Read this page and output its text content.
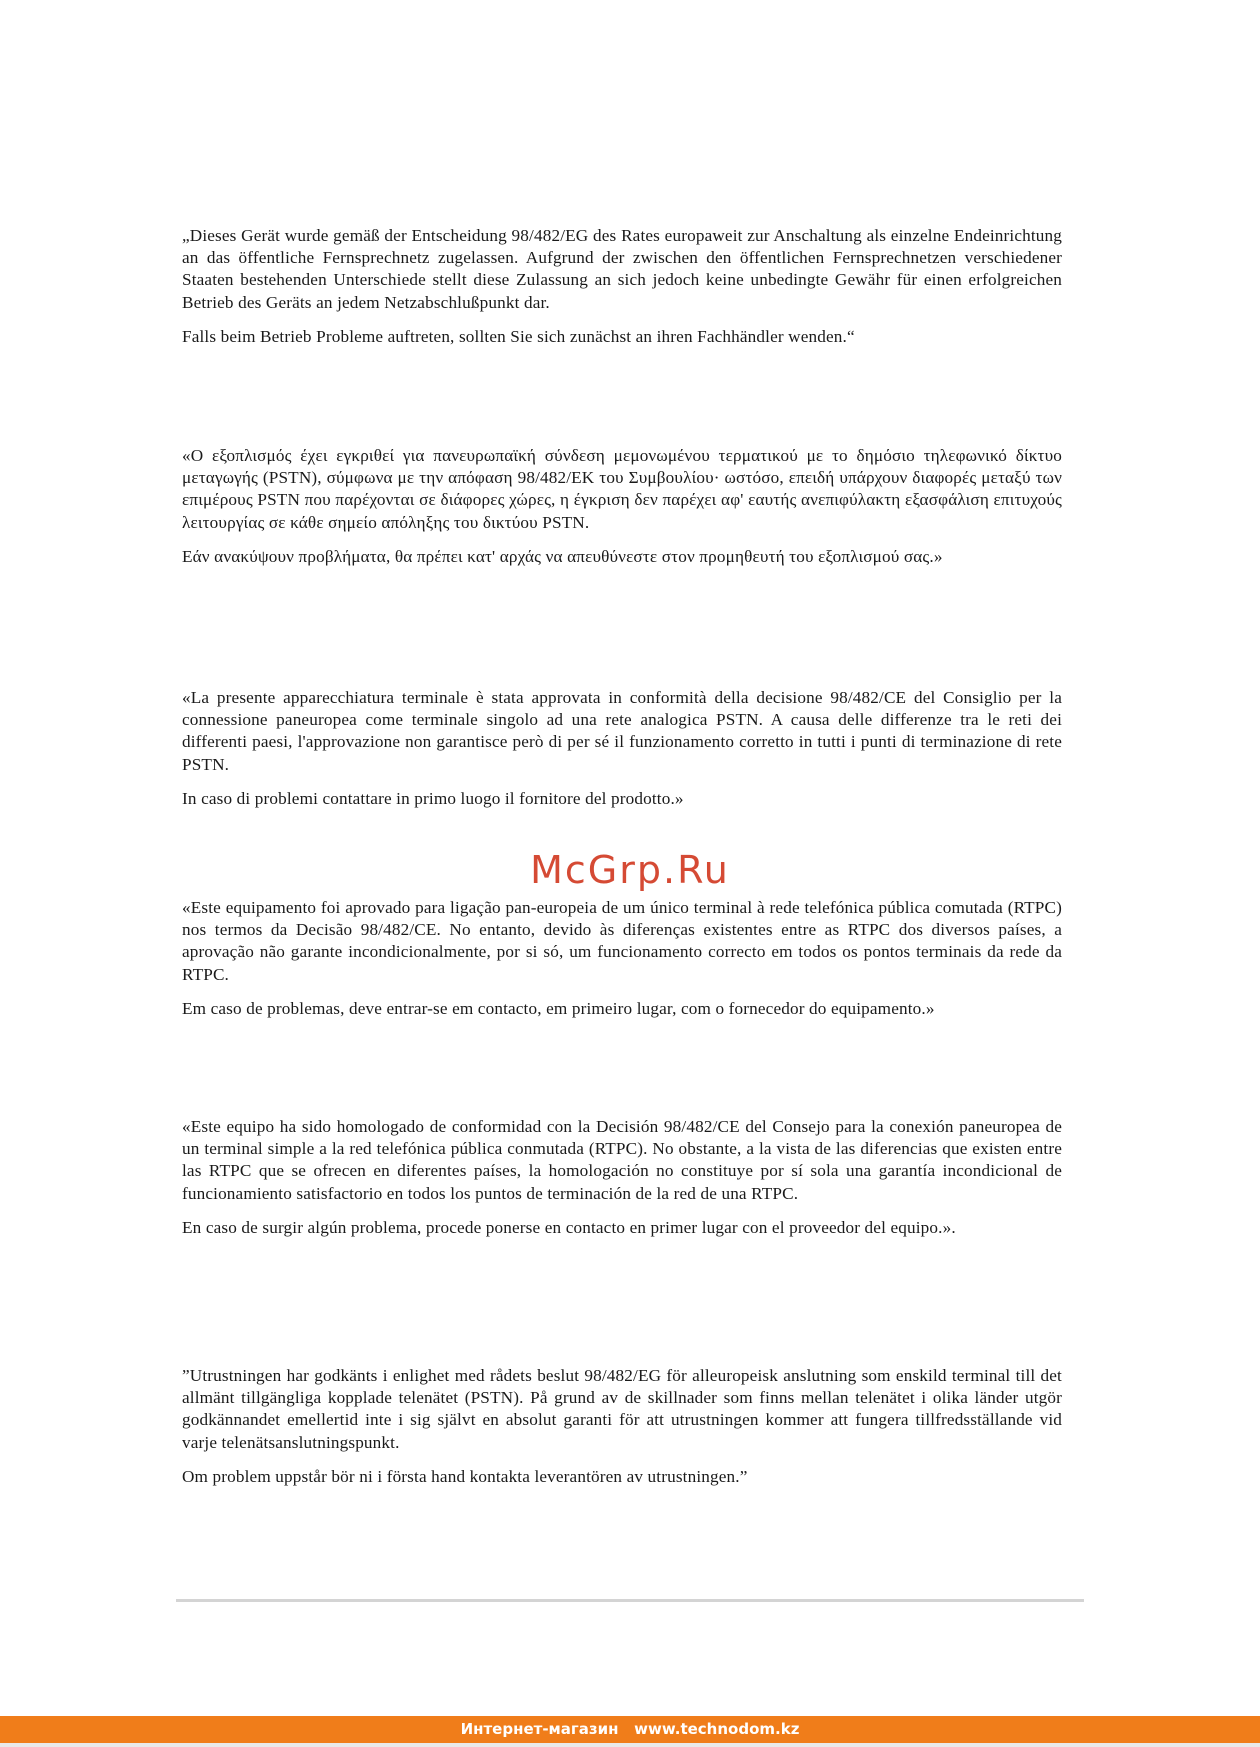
„Dieses Gerät wurde gemäß der Entscheidung 98/482/EG des Rates europaweit zur Anschaltung als einzelne Endeinrichtung an das öffentliche Fernsprechnetz zugelassen. Aufgrund der zwischen den öffentlichen Fernsprechnetzen verschiedener Staaten bestehenden Unterschiede stellt diese Zulassung an sich jedoch keine unbedingte Gewähr für einen erfolgreichen Betrieb des Geräts an jedem Netzabschlußpunkt dar.

Falls beim Betrieb Probleme auftreten, sollten Sie sich zunächst an ihren Fachhändler wenden.“

«Ο εξοπλισμός έχει εγκριθεί για πανευρωπαϊκή σύνδεση μεμονωμένου τερματικού με το δημόσιο τηλεφωνικό δίκτυο μεταγωγής (PSTN), σύμφωνα με την απόφαση 98/482/ΕΚ του Συμβουλίου· ωστόσο, επειδή υπάρχουν διαφορές μεταξύ των επιμέρους PSTN που παρέχονται σε διάφορες χώρες, η έγκριση δεν παρέχει αφ' εαυτής ανεπιφύλακτη εξασφάλιση επιτυχούς λειτουργίας σε κάθε σημείο απόληξης του δικτύου PSTN.

Εάν ανακύψουν προβλήματα, θα πρέπει κατ' αρχάς να απευθύνεστε στον προμηθευτή του εξοπλισμού σας.»

«La presente apparecchiatura terminale è stata approvata in conformità della decisione 98/482/CE del Consiglio per la connessione paneuropea come terminale singolo ad una rete analogica PSTN. A causa delle differenze tra le reti dei differenti paesi, l'approvazione non garantisce però di per sé il funzionamento corretto in tutti i punti di terminazione di rete PSTN.

In caso di problemi contattare in primo luogo il fornitore del prodotto.»

McGrp.Ru

«Este equipamento foi aprovado para ligação pan-europeia de um único terminal à rede telefónica pública comutada (RTPC) nos termos da Decisão 98/482/CE. No entanto, devido às diferenças existentes entre as RTPC dos diversos países, a aprovação não garante incondicionalmente, por si só, um funcionamento correcto em todos os pontos terminais da rede da RTPC.

Em caso de problemas, deve entrar-se em contacto, em primeiro lugar, com o fornecedor do equipamento.»

«Este equipo ha sido homologado de conformidad con la Decisión 98/482/CE del Consejo para la conexión paneuropea de un terminal simple a la red telefónica pública conmutada (RTPC). No obstante, a la vista de las diferencias que existen entre las RTPC que se ofrecen en diferentes países, la homologación no constituye por sí sola una garantía incondicional de funcionamiento satisfactorio en todos los puntos de terminación de la red de una RTPC.

En caso de surgir algún problema, procede ponerse en contacto en primer lugar con el proveedor del equipo.».

”Utrustningen har godkänts i enlighet med rådets beslut 98/482/EG för alleuropeisk anslutning som enskild terminal till det allmänt tillgängliga kopplade telenätet (PSTN). På grund av de skillnader som finns mellan telenätet i olika länder utgör godkännandet emellertid inte i sig självt en absolut garanti för att utrustningen kommer att fungera tillfredsställande vid varje telenätsanslutningspunkt.

Om problem uppstår bör ni i första hand kontakta leverantören av utrustningen.”

Интернет-магазин   www.technodom.kz
